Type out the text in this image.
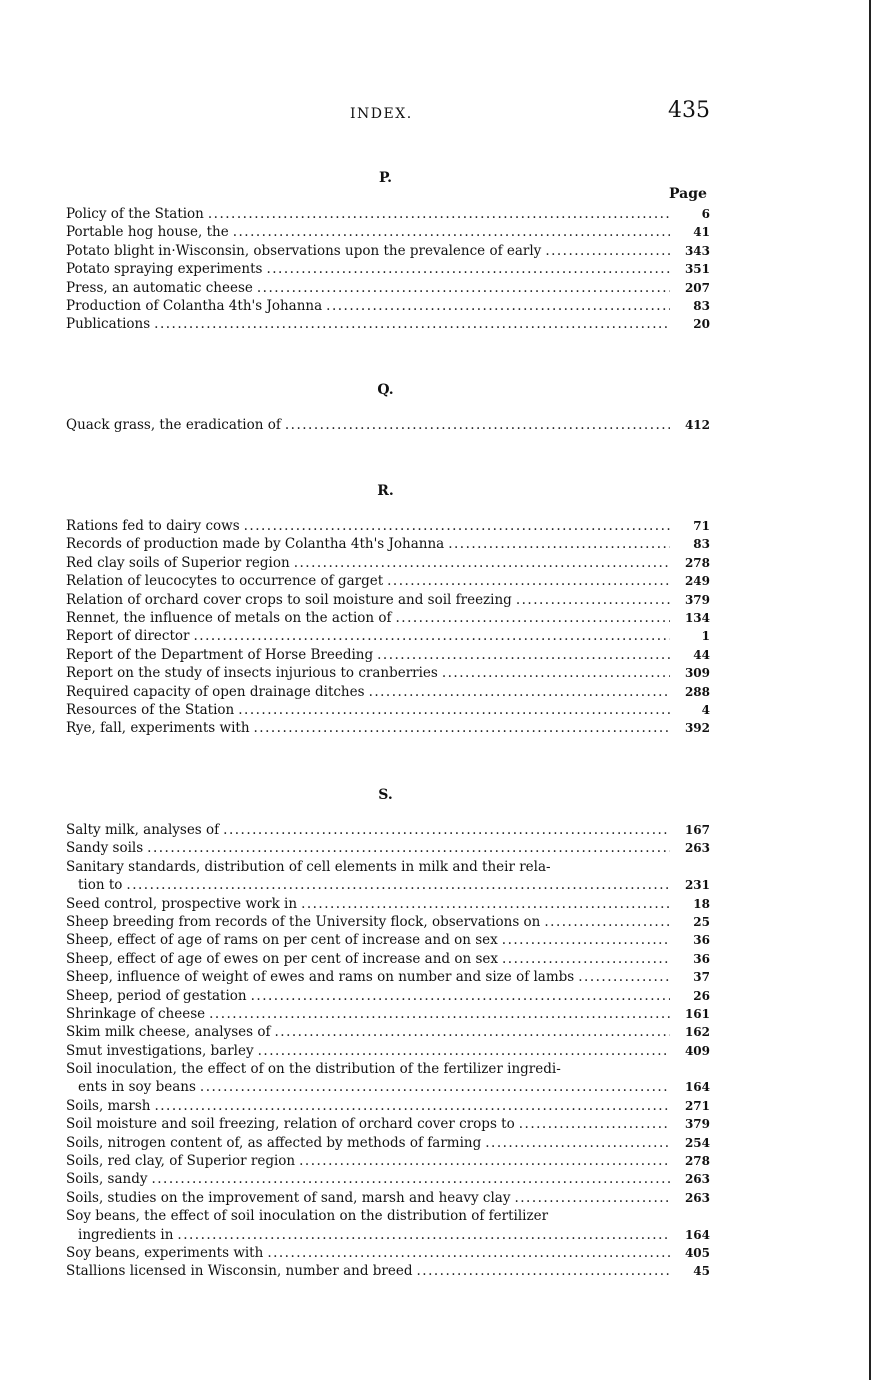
INDEX.	435
P.
Page
Policy of the Station .....	6
Portable hog house, the .....	41
Potato blight in·Wisconsin, observations upon the prevalence of early .....	343
Potato spraying experiments .....	351
Press, an automatic cheese .....	207
Production of Colantha 4th's Johanna .....	83
Publications .....	20
Q.
Quack grass, the eradication of .....	412
R.
Rations fed to dairy cows .....	71
Records of production made by Colantha 4th's Johanna .....	83
Red clay soils of Superior region .....	278
Relation of leucocytes to occurrence of garget .....	249
Relation of orchard cover crops to soil moisture and soil freezing .....	379
Rennet, the influence of metals on the action of .....	134
Report of director .....	1
Report of the Department of Horse Breeding .....	44
Report on the study of insects injurious to cranberries .....	309
Required capacity of open drainage ditches .....	288
Resources of the Station .....	4
Rye, fall, experiments with .....	392
S.
Salty milk, analyses of .....	167
Sandy soils .....	263
Sanitary standards, distribution of cell elements in milk and their rela-
tion to .....	231
Seed control, prospective work in .....	18
Sheep breeding from records of the University flock, observations on .....	25
Sheep, effect of age of rams on per cent of increase and on sex .....	36
Sheep, effect of age of ewes on per cent of increase and on sex .....	36
Sheep, influence of weight of ewes and rams on number and size of lambs .....	37
Sheep, period of gestation .....	26
Shrinkage of cheese .....	161
Skim milk cheese, analyses of .....	162
Smut investigations, barley .....	409
Soil inoculation, the effect of on the distribution of the fertilizer ingredi-
ents in soy beans .....	164
Soils, marsh .....	271
Soil moisture and soil freezing, relation of orchard cover crops to .....	379
Soils, nitrogen content of, as affected by methods of farming .....	254
Soils, red clay, of Superior region .....	278
Soils, sandy .....	263
Soils, studies on the improvement of sand, marsh and heavy clay .....	263
Soy beans, the effect of soil inoculation on the distribution of fertilizer
ingredients in .....	164
Soy beans, experiments with .....	405
Stallions licensed in Wisconsin, number and breed .....	45
